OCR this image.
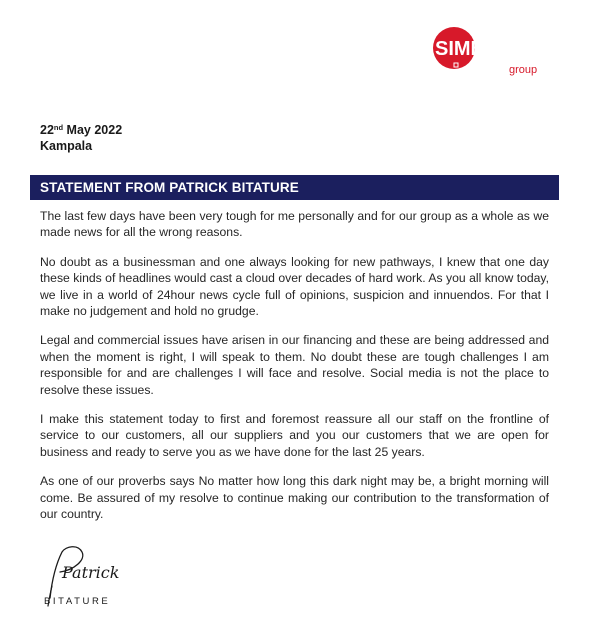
SIMBA
group
22nd May 2022
Kampala
STATEMENT FROM PATRICK BITATURE

The last few days have been very tough for me personally and for our group as a whole as we made news for all the wrong reasons.

No doubt as a businessman and one always looking for new pathways, I knew that one day these kinds of headlines would cast a cloud over decades of hard work. As you all know today, we live in a world of 24hour news cycle full of opinions, suspicion and innuendos. For that I make no judgement and hold no grudge.

Legal and commercial issues have arisen in our financing and these are being addressed and when the moment is right, I will speak to them. No doubt these are tough challenges I am responsible for and are challenges I will face and resolve. Social media is not the place to resolve these issues.

I make this statement today to first and foremost reassure all our staff on the frontline of service to our customers, all our suppliers and you our customers that we are open for business and ready to serve you as we have done for the last 25 years.

As one of our proverbs says No matter how long this dark night may be, a bright morning will come. Be assured of my resolve to continue making our contribution to the transformation of our country.

Patrick
BITATURE
